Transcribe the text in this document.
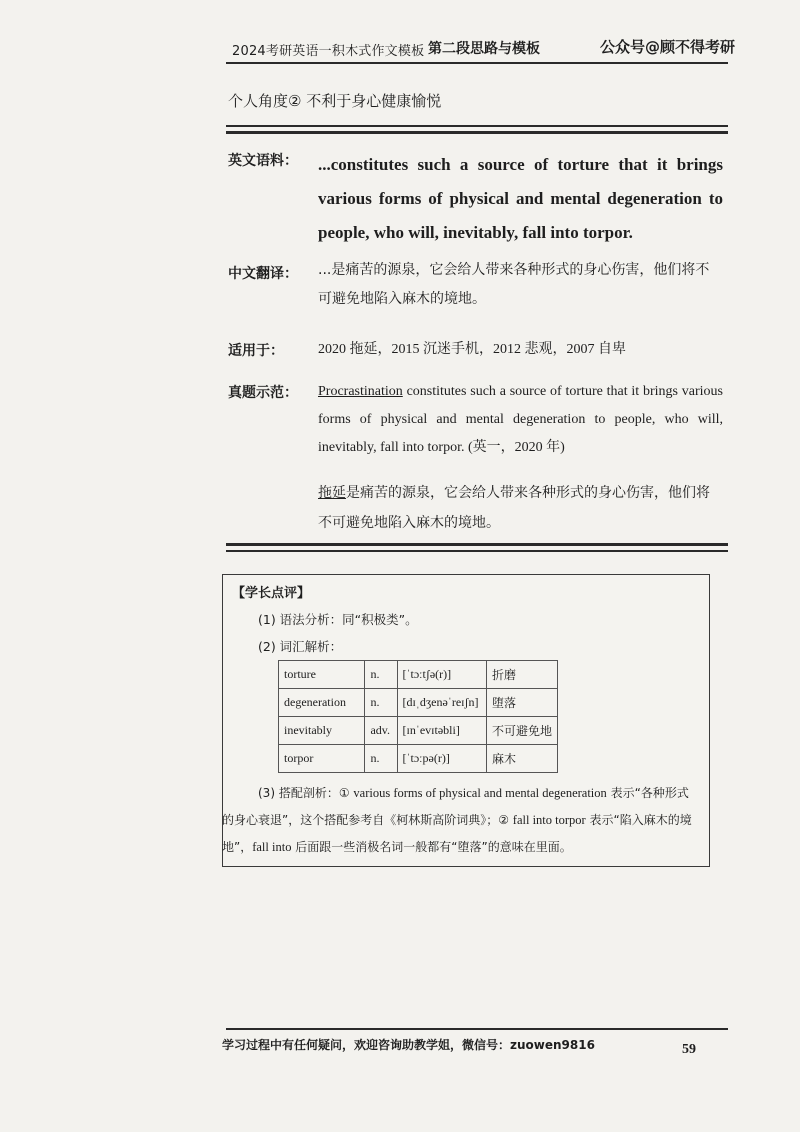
2024考研英语一积木式作文模板 第二段思路与模板	公众号@顾不得考研
个人角度② 不利于身心健康愉悦
英文语料： ...constitutes such a source of torture that it brings various forms of physical and mental degeneration to people, who will, inevitably, fall into torpor.
中文翻译： ...是痛苦的源泉，它会给人带来各种形式的身心伤害，他们将不可避免地陷入麻木的境地。
适用于： 2020 拖延，2015 沉迷手机，2012 悲观，2007 自卑
真题示范： Procrastination constitutes such a source of torture that it brings various forms of physical and mental degeneration to people, who will, inevitably, fall into torpor. (英一，2020 年)
拖延是痛苦的源泉，它会给人带来各种形式的身心伤害，他们将不可避免地陷入麻木的境地。
【学长点评】
(1) 语法分析：同“积极类”。
(2) 词汇解析：
torture	n.	[ˈtɔːtʃə(r)]	折磨
degeneration	n.	[dɪˌdʒenəˈreɪʃn]	堕落
inevitably	adv.	[ɪnˈevɪtəbli]	不可避免地
torpor	n.	[ˈtɔːpə(r)]	麻木
(3) 搭配剖析：① various forms of physical and mental degeneration 表示“各种形式的身心衰退”，这个搭配参考自《柯林斯高阶词典》；② fall into torpor 表示“陷入麻木的境地”，fall into 后面跟一些消极名词一般都有“堕落”的意味在里面。
学习过程中有任何疑问，欢迎咨询助教学姐，微信号：zuowen9816	59
